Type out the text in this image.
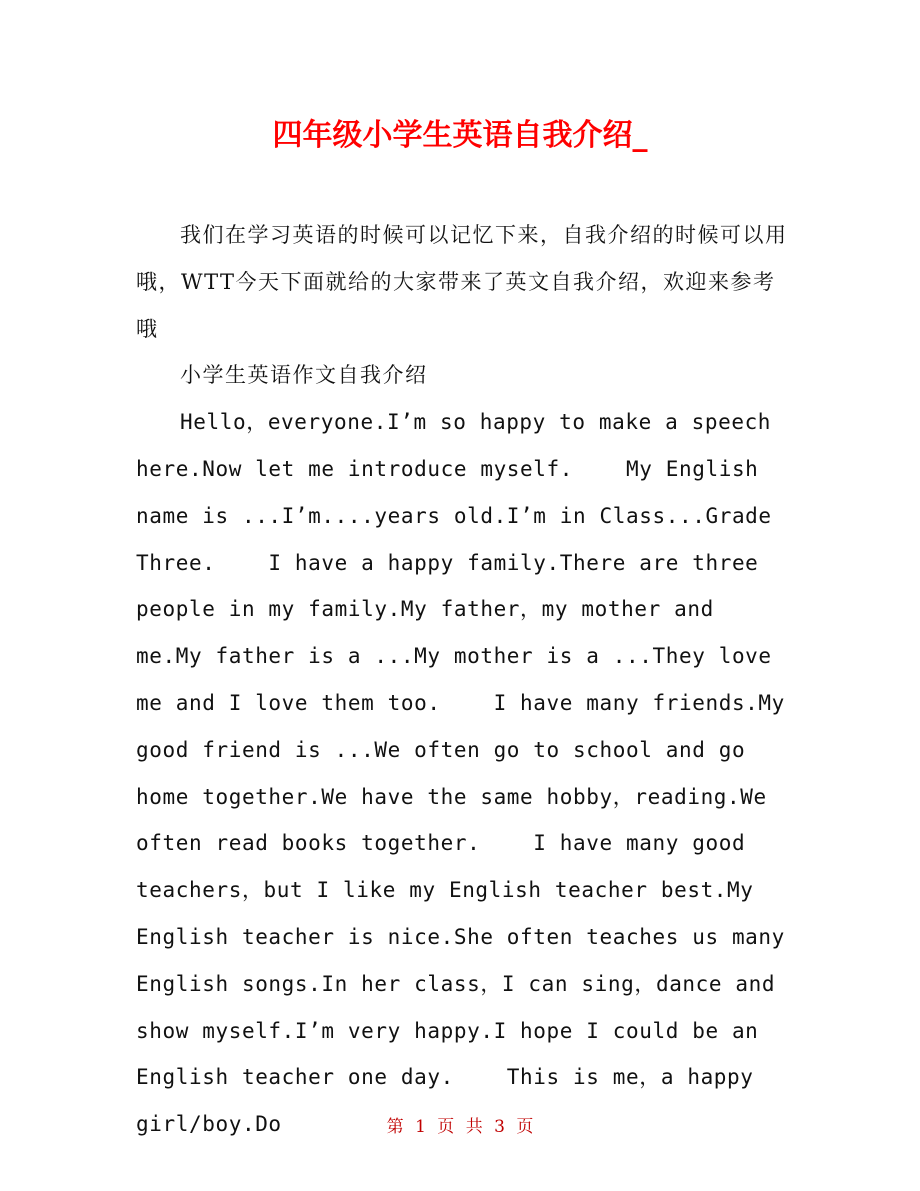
四年级小学生英语自我介绍_

我们在学习英语的时候可以记忆下来，自我介绍的时候可以用哦，WTT今天下面就给的大家带来了英文自我介绍，欢迎来参考哦

小学生英语作文自我介绍

Hello，everyone.I’m so happy to make a speech here.Now let me introduce myself.    My English name is ...I’m....years old.I’m in Class...Grade Three.    I have a happy family.There are three people in my family.My father，my mother and me.My father is a ...My mother is a ...They love me and I love them too.    I have many friends.My good friend is ...We often go to school and go home together.We have the same hobby，reading.We often read books together.    I have many good teachers，but I like my English teacher best.My English teacher is nice.She often teaches us many English songs.In her class，I can sing，dance and show myself.I’m very happy.I hope I could be an English teacher one day.    This is me，a happy girl/boy.Do	第 1 页 共 3 页
